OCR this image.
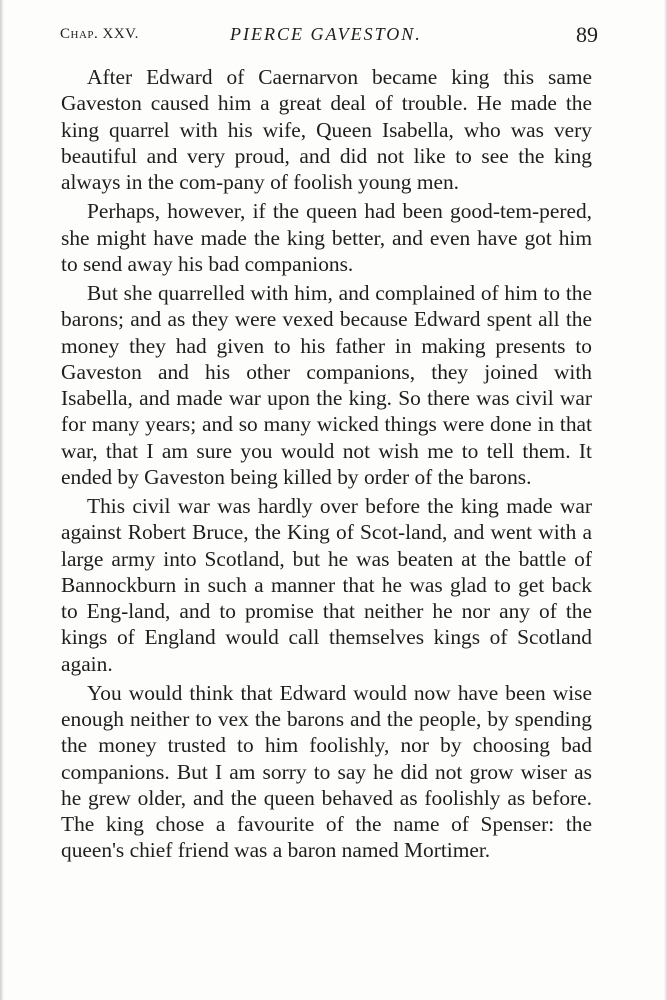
Chap. XXV.	PIERCE GAVESTON.	89

After Edward of Caernarvon became king this same Gaveston caused him a great deal of trouble. He made the king quarrel with his wife, Queen Isabella, who was very beautiful and very proud, and did not like to see the king always in the com-pany of foolish young men.

Perhaps, however, if the queen had been good-tem-pered, she might have made the king better, and even have got him to send away his bad companions.

But she quarrelled with him, and complained of him to the barons; and as they were vexed because Edward spent all the money they had given to his father in making presents to Gaveston and his other companions, they joined with Isabella, and made war upon the king. So there was civil war for many years; and so many wicked things were done in that war, that I am sure you would not wish me to tell them. It ended by Gaveston being killed by order of the barons.

This civil war was hardly over before the king made war against Robert Bruce, the King of Scot-land, and went with a large army into Scotland, but he was beaten at the battle of Bannockburn in such a manner that he was glad to get back to Eng-land, and to promise that neither he nor any of the kings of England would call themselves kings of Scotland again.

You would think that Edward would now have been wise enough neither to vex the barons and the people, by spending the money trusted to him foolishly, nor by choosing bad companions. But I am sorry to say he did not grow wiser as he grew older, and the queen behaved as foolishly as before. The king chose a favourite of the name of Spenser: the queen's chief friend was a baron named Mortimer.
